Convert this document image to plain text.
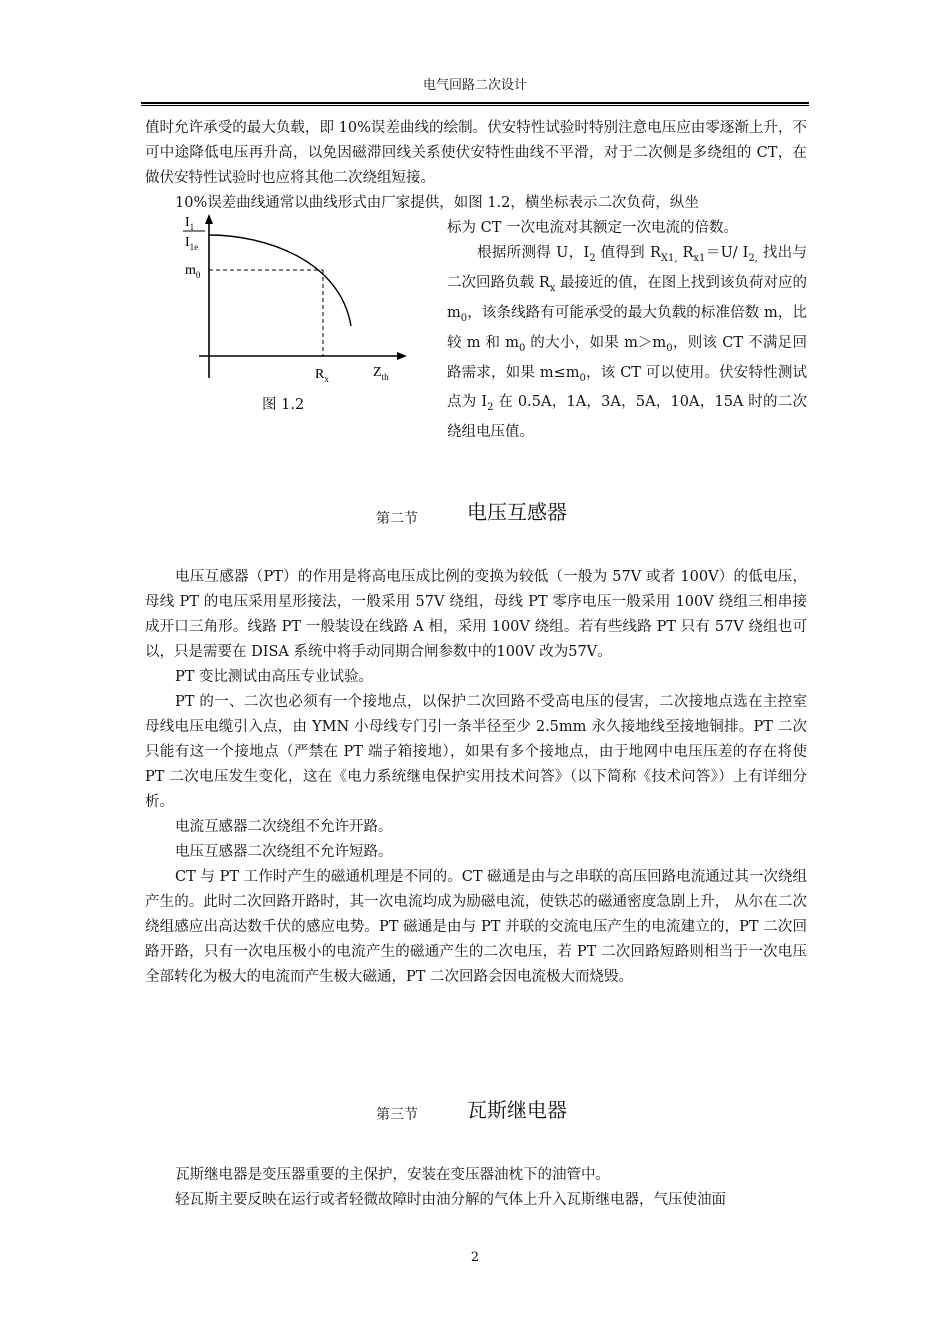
电气回路二次设计

值时允许承受的最大负载，即 10%误差曲线的绘制。伏安特性试验时特别注意电压应由零逐渐上升，不可中途降低电压再升高，以免因磁滞回线关系使伏安特性曲线不平滑，对于二次侧是多绕组的 CT，在做伏安特性试验时也应将其他二次绕组短接。

10%误差曲线通常以曲线形式由厂家提供，如图 1.2，横坐标表示二次负荷，纵坐

标为 CT 一次电流对其额定一次电流的倍数。

根据所测得 U，$I_2$ 值得到 $R_{X1,}$ $R_{x1}=U/$ $I_{2,}$ 找出与二次回路负载 $R_x$ 最接近的值，在图上找到该负荷对应的 $m_0$，该条线路有可能承受的最大负载的标准倍数 m，比较 m 和 $m_0$ 的大小，如果 $m>m_0$，则该 CT 不满足回路需求，如果 $m\le m_0$，该 CT 可以使用。伏安特性测试点为 $I_2$ 在 0.5A，1A，3A，5A，10A，15A 时的二次绕组电压值。

$I_1$
$I_{1e}$
$m_0$
$R_x$	$Z_{th}$
图 1.2
第二节 电压互感器

电压互感器（PT）的作用是将高电压成比例的变换为较低（一般为 57V 或者 100V）的低电压，母线 PT 的电压采用星形接法，一般采用 57V 绕组，母线 PT 零序电压一般采用 100V 绕组三相串接成开口三角形。线路 PT 一般装设在线路 A 相，采用 100V 绕组。若有些线路 PT 只有 57V 绕组也可以，只是需要在 DISA 系统中将手动同期合闸参数中的100V 改为57V。

PT 变比测试由高压专业试验。

PT 的一、二次也必须有一个接地点，以保护二次回路不受高电压的侵害，二次接地点选在主控室母线电压电缆引入点，由 YMN 小母线专门引一条半径至少 2.5mm 永久接地线至接地铜排。PT 二次只能有这一个接地点（严禁在 PT 端子箱接地），如果有多个接地点，由于地网中电压压差的存在将使 PT 二次电压发生变化，这在《电力系统继电保护实用技术问答》（以下简称《技术问答》）上有详细分析。

电流互感器二次绕组不允许开路。

电压互感器二次绕组不允许短路。

CT 与 PT 工作时产生的磁通机理是不同的。CT 磁通是由与之串联的高压回路电流通过其一次绕组产生的。此时二次回路开路时，其一次电流均成为励磁电流，使铁芯的磁通密度急剧上升， 从尔在二次绕组感应出高达数千伏的感应电势。PT 磁通是由与 PT 并联的交流电压产生的电流建立的，PT 二次回路开路，只有一次电压极小的电流产生的磁通产生的二次电压，若 PT 二次回路短路则相当于一次电压全部转化为极大的电流而产生极大磁通，PT 二次回路会因电流极大而烧毁。

第三节 瓦斯继电器

瓦斯继电器是变压器重要的主保护，安装在变压器油枕下的油管中。

轻瓦斯主要反映在运行或者轻微故障时由油分解的气体上升入瓦斯继电器，气压使油面

2
